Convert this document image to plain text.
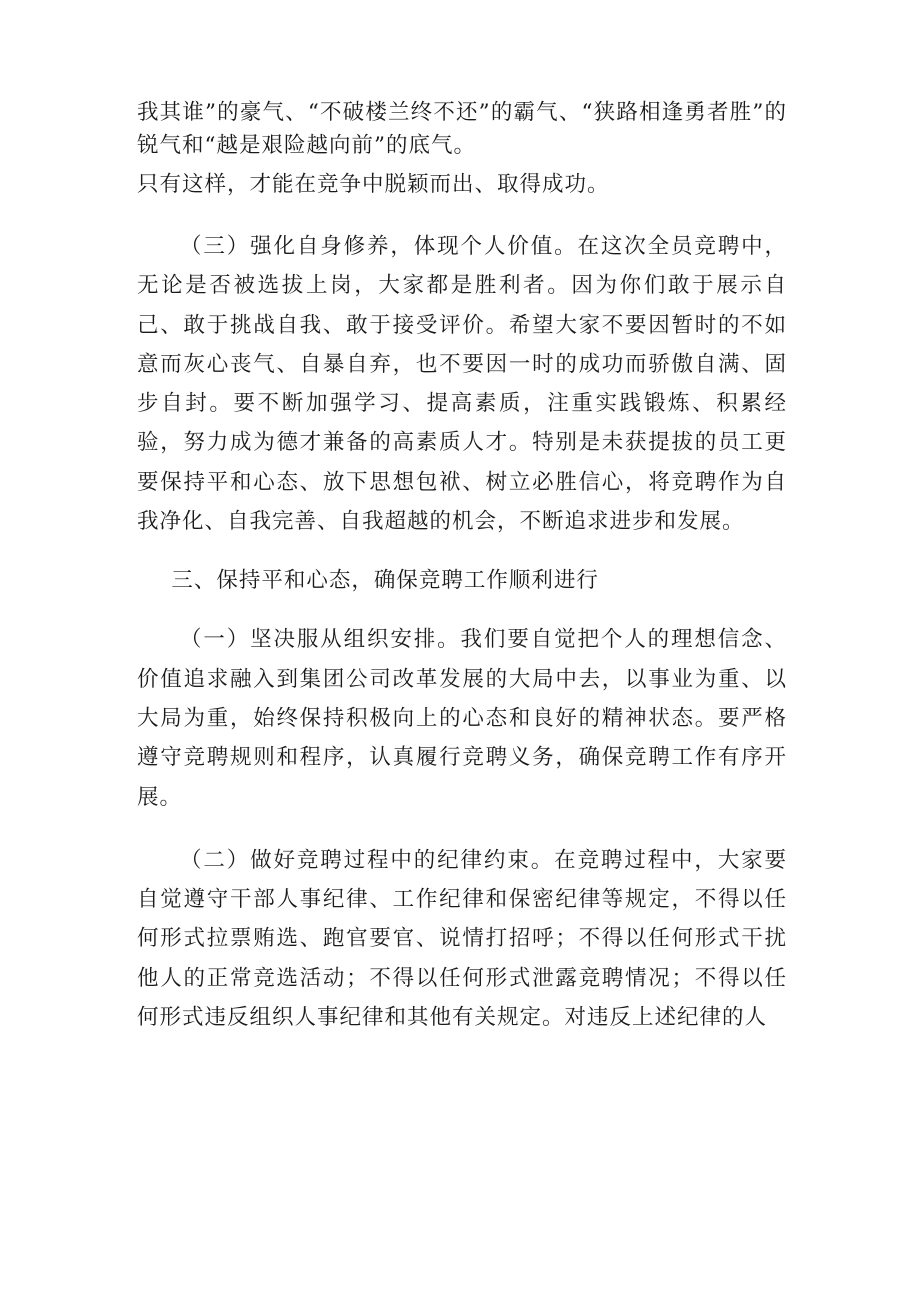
我其谁”的豪气、“不破楼兰终不还”的霸气、“狭路相逢勇者胜”的锐气和“越是艰险越向前”的底气。

只有这样，才能在竞争中脱颖而出、取得成功。

（三）强化自身修养，体现个人价值。在这次全员竞聘中，无论是否被选拔上岗，大家都是胜利者。因为你们敢于展示自己、敢于挑战自我、敢于接受评价。希望大家不要因暂时的不如意而灰心丧气、自暴自弃，也不要因一时的成功而骄傲自满、固步自封。要不断加强学习、提高素质，注重实践锻炼、积累经验，努力成为德才兼备的高素质人才。特别是未获提拔的员工更要保持平和心态、放下思想包袱、树立必胜信心，将竞聘作为自我净化、自我完善、自我超越的机会，不断追求进步和发展。

三、保持平和心态，确保竞聘工作顺利进行

（一）坚决服从组织安排。我们要自觉把个人的理想信念、价值追求融入到集团公司改革发展的大局中去，以事业为重、以大局为重，始终保持积极向上的心态和良好的精神状态。要严格遵守竞聘规则和程序，认真履行竞聘义务，确保竞聘工作有序开展。

（二）做好竞聘过程中的纪律约束。在竞聘过程中，大家要自觉遵守干部人事纪律、工作纪律和保密纪律等规定，不得以任何形式拉票贿选、跑官要官、说情打招呼；不得以任何形式干扰他人的正常竞选活动；不得以任何形式泄露竞聘情况；不得以任何形式违反组织人事纪律和其他有关规定。对违反上述纪律的人
